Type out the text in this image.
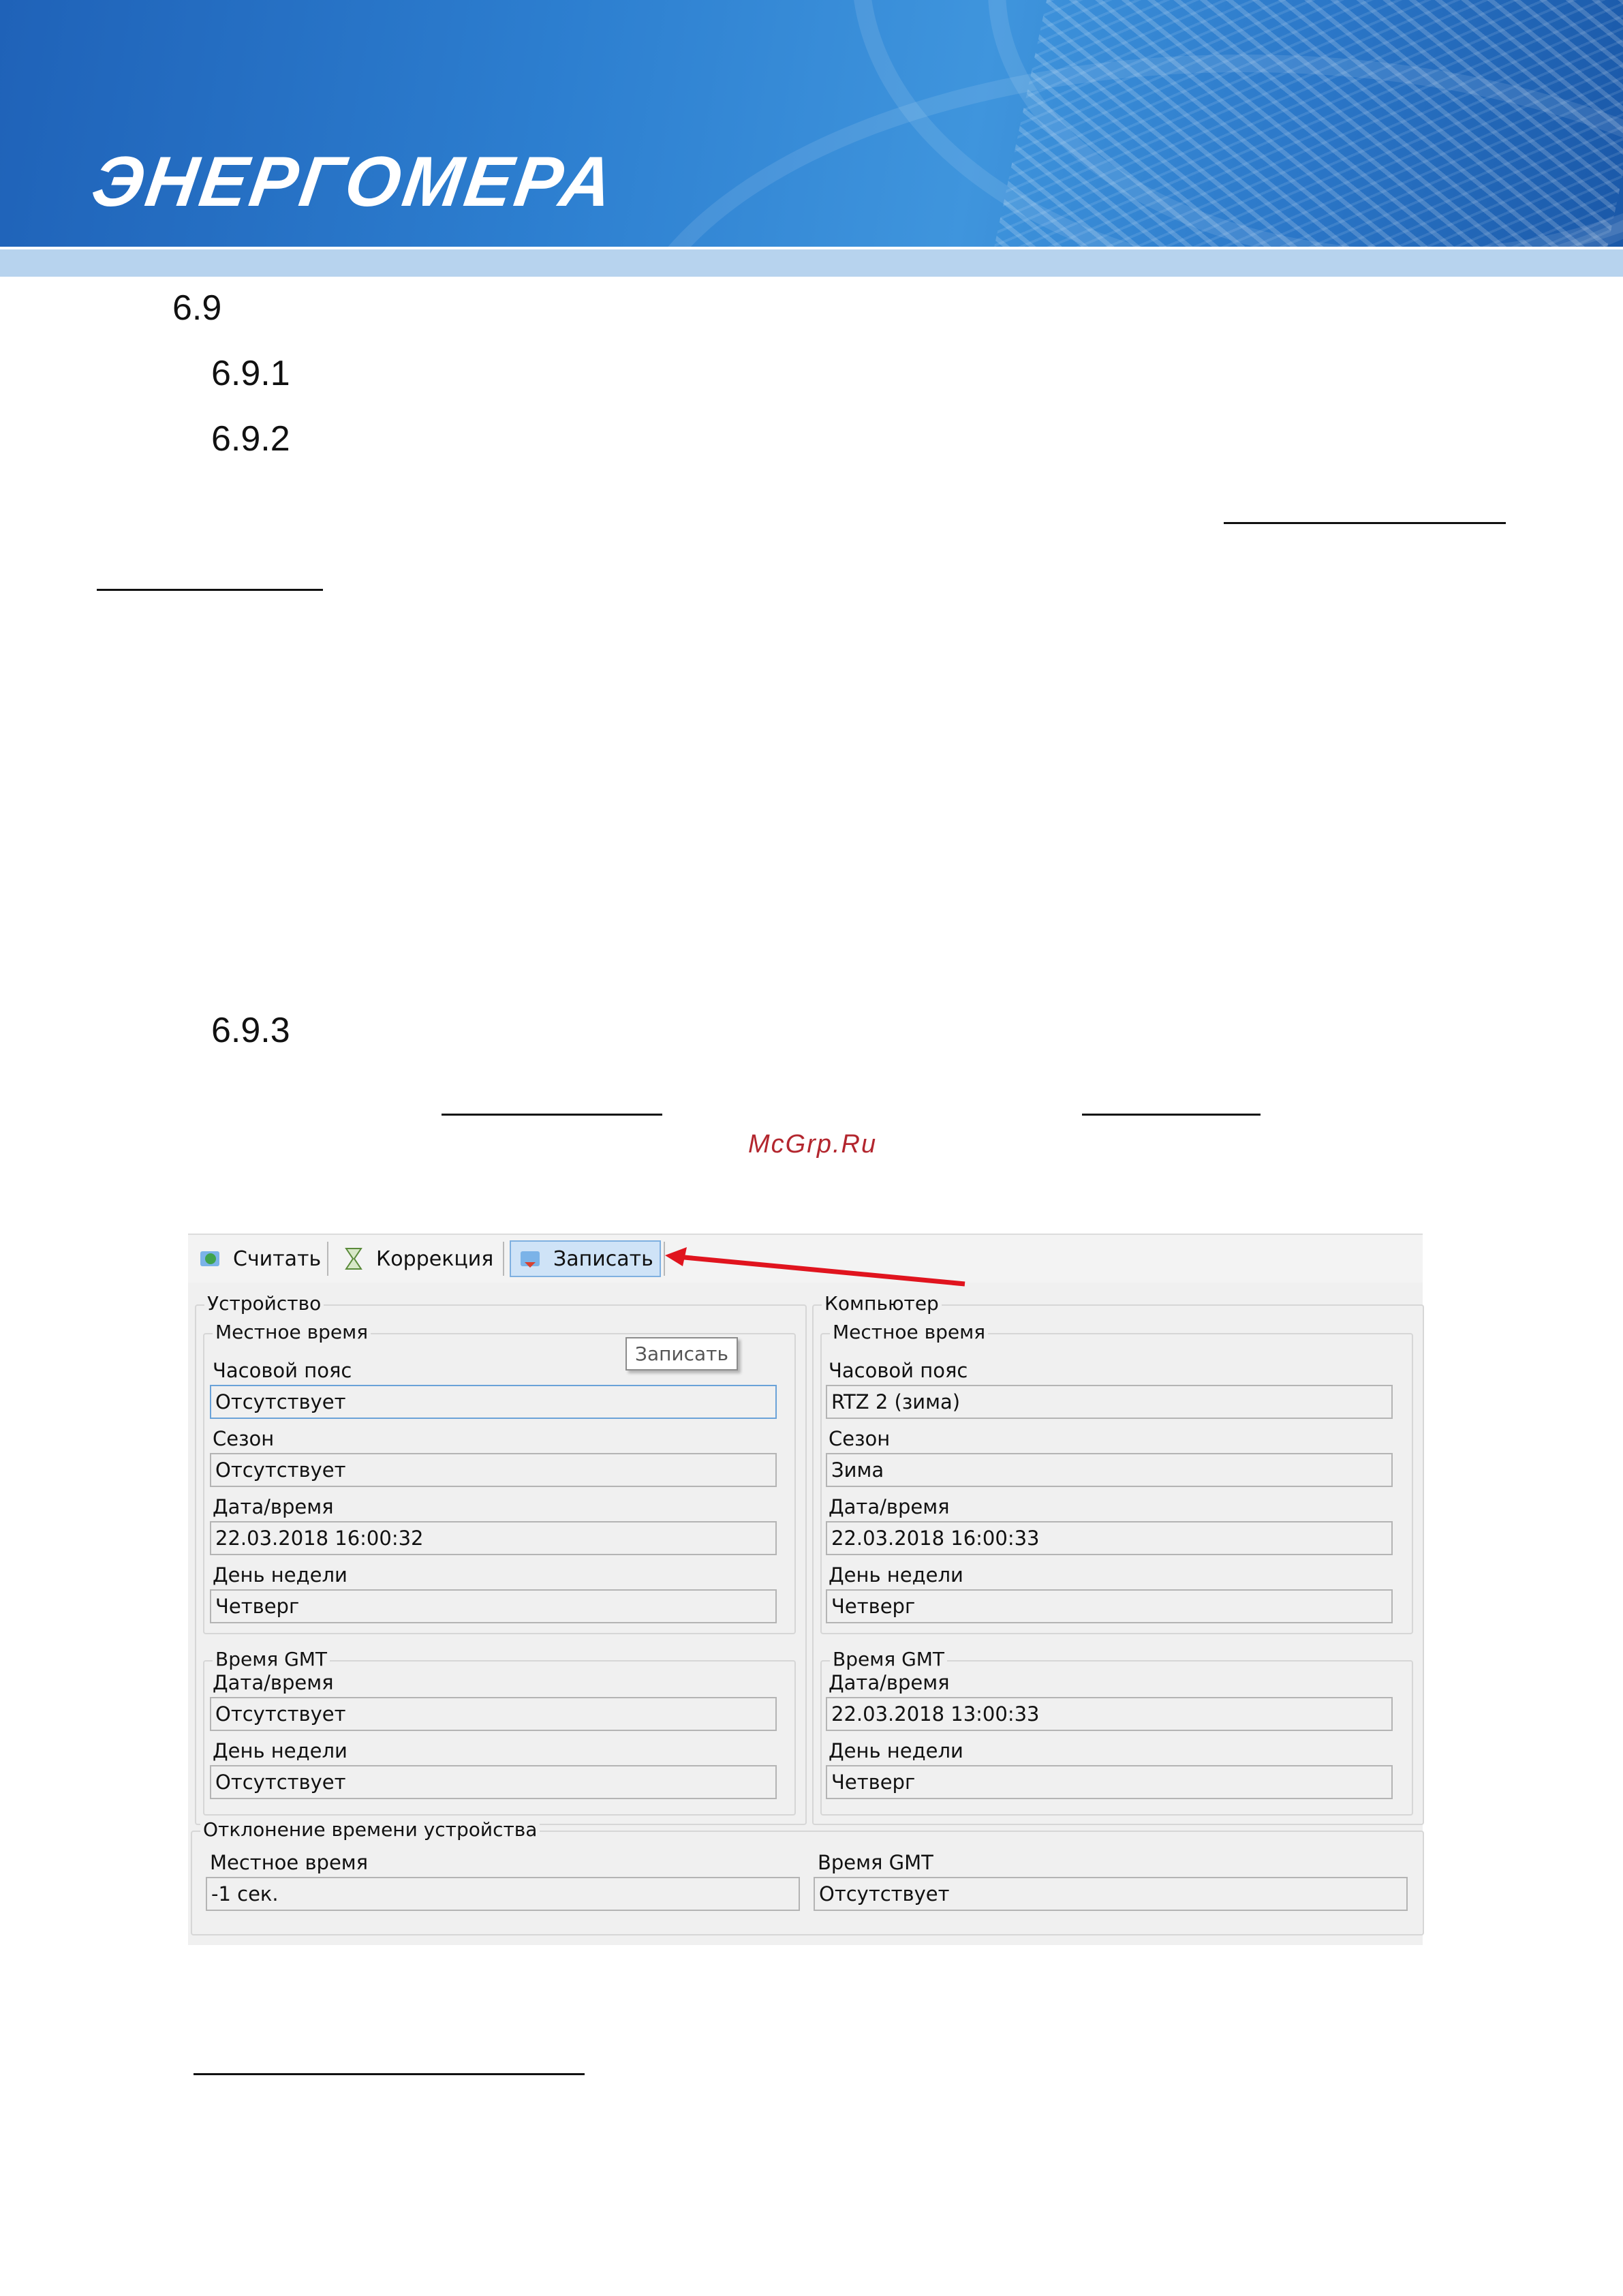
ЭНЕРГОМЕРА
6.9
6.9.1
6.9.2
6.9.3
McGrp.Ru
Считать	Коррекция	Записать
Записать
Устройство
Местное время
Часовой пояс
Отсутствует
Сезон
Отсутствует
Дата/время
22.03.2018 16:00:32
День недели
Четверг
Время GMT
Дата/время
Отсутствует
День недели
Отсутствует
Компьютер
Местное время
Часовой пояс
RTZ 2 (зима)
Сезон
Зима
Дата/время
22.03.2018 16:00:33
День недели
Четверг
Время GMT
Дата/время
22.03.2018 13:00:33
День недели
Четверг
Отклонение времени устройства
Местное время
-1 сек.
Время GMT
Отсутствует
